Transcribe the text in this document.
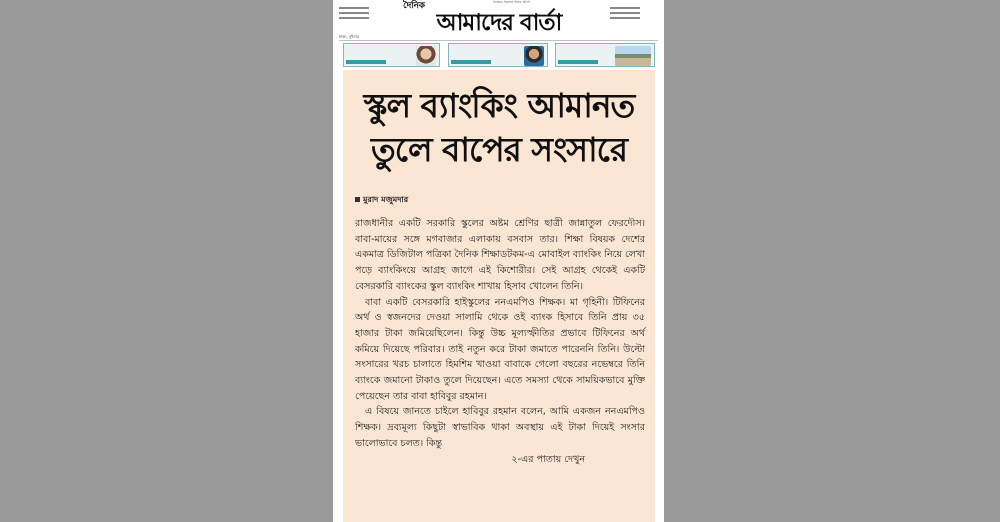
দৈনিক	সত্যের সন্ধানে সবার আগে
আমাদের বার্তা
ঢাকা, বুধবার
স্কুল ব্যাংকিং আমানত
তুলে বাপের সংসারে
মুরাদ মজুমদার

রাজধানীর একটি সরকারি স্কুলের অষ্টম শ্রেণির ছাত্রী জান্নাতুল ফেরদৌস। বাবা-মায়ের সঙ্গে মগবাজার এলাকায় বসবাস তার। শিক্ষা বিষয়ক দেশের একমাত্র ডিজিটাল পত্রিকা দৈনিক শিক্ষাডটকম-এ মোবাইল ব্যাংকিং নিয়ে লেখা পড়ে ব্যাংকিংয়ে আগ্রহ জাগে এই কিশোরীর। সেই আগ্রহ থেকেই একটি বেসরকারি ব্যাংকের স্কুল ব্যাংকিং শাখায় হিসাব খোলেন তিনি।

বাবা একটি বেসরকারি হাইস্কুলের ননএমপিও শিক্ষক। মা গৃহিনী। টিফিনের অর্থ ও স্বজনদের দেওয়া সালামি থেকে ওই ব্যাংক হিসাবে তিনি প্রায় ৩৫ হাজার টাকা জমিয়েছিলেন। কিন্তু উচ্চ মূল্যস্ফীতির প্রভাবে টিফিনের অর্থ কমিয়ে দিয়েছে পরিবার। তাই নতুন করে টাকা জমাতে পারেননি তিনি। উল্টো সংসারের খরচ চালাতে হিমশিম খাওয়া বাবাকে গেলো বছরের নভেম্বরে তিনি ব্যাংকে জমানো টাকাও তুলে দিয়েছেন। এতে সমস্যা থেকে সাময়িকভাবে মুক্তি পেয়েছেন তার বাবা হাবিবুর রহমান।

এ বিষয়ে জানতে চাইলে হাবিবুর রহমান বলেন, আমি একজন ননএমপিও শিক্ষক। দ্রব্যমূল্য কিছুটা স্বাভাবিক থাকা অবস্থায় এই টাকা দিয়েই সংসার ভালোভাবে চলত। কিন্তু

২-এর পাতায় দেখুন
